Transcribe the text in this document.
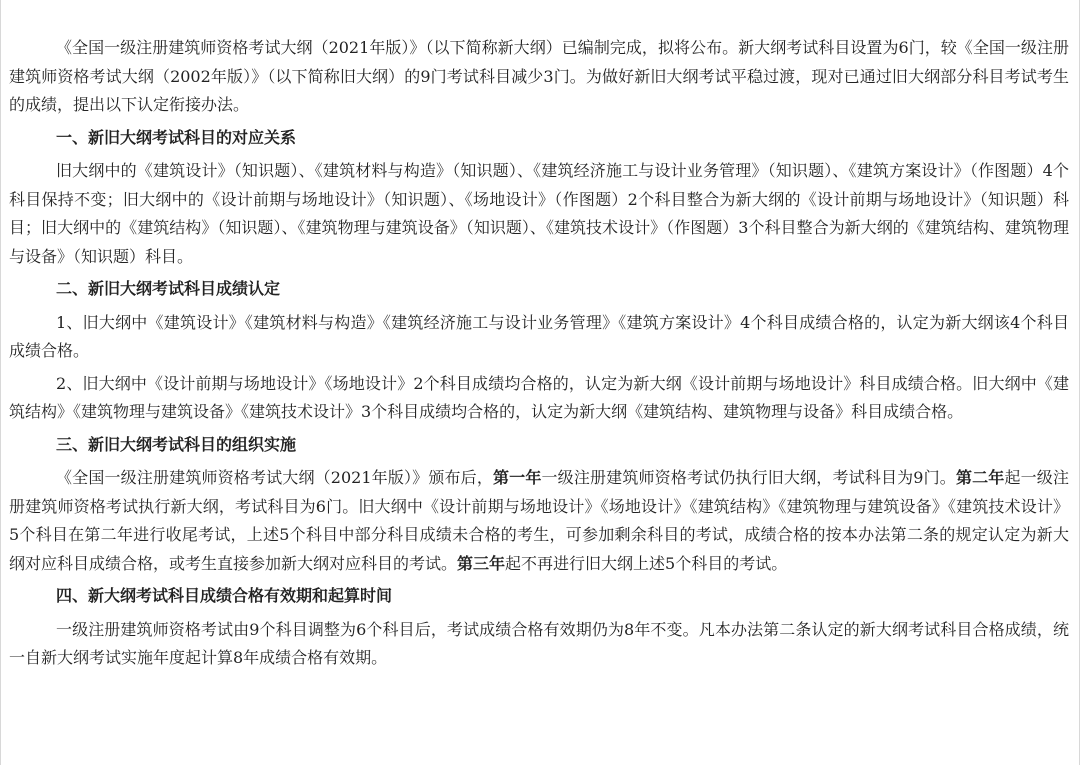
《全国一级注册建筑师资格考试大纲（2021年版）》（以下简称新大纲）已编制完成，拟将公布。新大纲考试科目设置为6门，较《全国一级注册建筑师资格考试大纲（2002年版）》（以下简称旧大纲）的9门考试科目减少3门。为做好新旧大纲考试平稳过渡，现对已通过旧大纲部分科目考试考生的成绩，提出以下认定衔接办法。

一、新旧大纲考试科目的对应关系

旧大纲中的《建筑设计》（知识题）、《建筑材料与构造》（知识题）、《建筑经济施工与设计业务管理》（知识题）、《建筑方案设计》（作图题）4个科目保持不变；旧大纲中的《设计前期与场地设计》（知识题）、《场地设计》（作图题）2个科目整合为新大纲的《设计前期与场地设计》（知识题）科目；旧大纲中的《建筑结构》（知识题）、《建筑物理与建筑设备》（知识题）、《建筑技术设计》（作图题）3个科目整合为新大纲的《建筑结构、建筑物理与设备》（知识题）科目。

二、新旧大纲考试科目成绩认定

1、旧大纲中《建筑设计》《建筑材料与构造》《建筑经济施工与设计业务管理》《建筑方案设计》4个科目成绩合格的，认定为新大纲该4个科目成绩合格。

2、旧大纲中《设计前期与场地设计》《场地设计》2个科目成绩均合格的，认定为新大纲《设计前期与场地设计》科目成绩合格。旧大纲中《建筑结构》《建筑物理与建筑设备》《建筑技术设计》3个科目成绩均合格的，认定为新大纲《建筑结构、建筑物理与设备》科目成绩合格。

三、新旧大纲考试科目的组织实施

《全国一级注册建筑师资格考试大纲（2021年版）》颁布后，第一年一级注册建筑师资格考试仍执行旧大纲，考试科目为9门。第二年起一级注册建筑师资格考试执行新大纲，考试科目为6门。旧大纲中《设计前期与场地设计》《场地设计》《建筑结构》《建筑物理与建筑设备》《建筑技术设计》5个科目在第二年进行收尾考试，上述5个科目中部分科目成绩未合格的考生，可参加剩余科目的考试，成绩合格的按本办法第二条的规定认定为新大纲对应科目成绩合格，或考生直接参加新大纲对应科目的考试。第三年起不再进行旧大纲上述5个科目的考试。

四、新大纲考试科目成绩合格有效期和起算时间

一级注册建筑师资格考试由9个科目调整为6个科目后，考试成绩合格有效期仍为8年不变。凡本办法第二条认定的新大纲考试科目合格成绩，统一自新大纲考试实施年度起计算8年成绩合格有效期。
